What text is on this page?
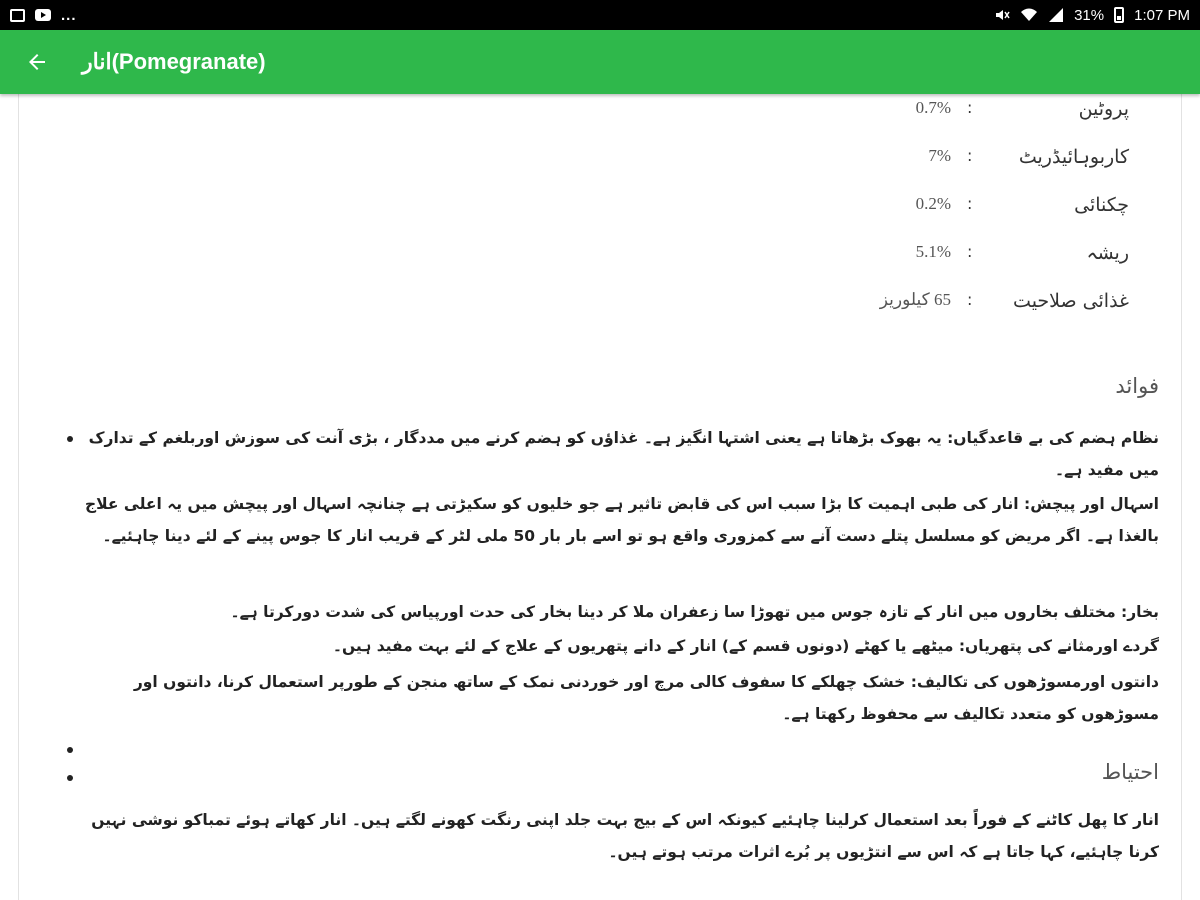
...	31% 1:07 PM
انار(Pomegranate)
پروٹین
:
0.7%
کاربوہائیڈریٹ
:
7%
چکنائی
:
0.2%
ریشہ
:
5.1%
غذائی صلاحیت
:
65 کیلوریز
فوائد
نظام ہضم کی بے قاعدگیاں: یہ بھوک بڑھاتا ہے یعنی اشتہا انگیز ہے۔ غذاؤں کو ہضم کرنے میں مددگار ، بڑی آنت کی سوزش اوربلغم کے تدارک میں مفید ہے۔
اسہال اور پیچش: انار کی طبی اہمیت کا بڑا سبب اس کی قابض تاثیر ہے جو خلیوں کو سکیڑتی ہے چنانچہ اسہال اور پیچش میں یہ اعلی علاج بالغذا ہے۔ اگر مریض کو مسلسل پتلے دست آنے سے کمزوری واقع ہو تو اسے بار بار 50 ملی لٹر کے قریب انار کا جوس پینے کے لئے دینا چاہئیے۔
بخار: مختلف بخاروں میں انار کے تازہ جوس میں تھوڑا سا زعفران ملا کر دینا بخار کی حدت اورپیاس کی شدت دورکرتا ہے۔
گردے اورمثانے کی پتھریاں: میٹھے یا کھٹے (دونوں قسم کے) انار کے دانے پتھریوں کے علاج کے لئے بہت مفید ہیں۔
دانتوں اورمسوڑھوں کی تکالیف: خشک چھلکے کا سفوف کالی مرچ اور خوردنی نمک کے ساتھ منجن کے طورپر استعمال کرنا، دانتوں اور مسوڑھوں کو متعدد تکالیف سے محفوظ رکھتا ہے۔
احتیاط
انار کا پھل کاٹنے کے فوراً بعد استعمال کرلینا چاہئیے کیونکہ اس کے بیج بہت جلد اپنی رنگت کھونے لگتے ہیں۔ انار کھاتے ہوئے تمباکو نوشی نہیں کرنا چاہئیے، کہا جاتا ہے کہ اس سے انتڑیوں پر بُرے اثرات مرتب ہوتے ہیں۔
